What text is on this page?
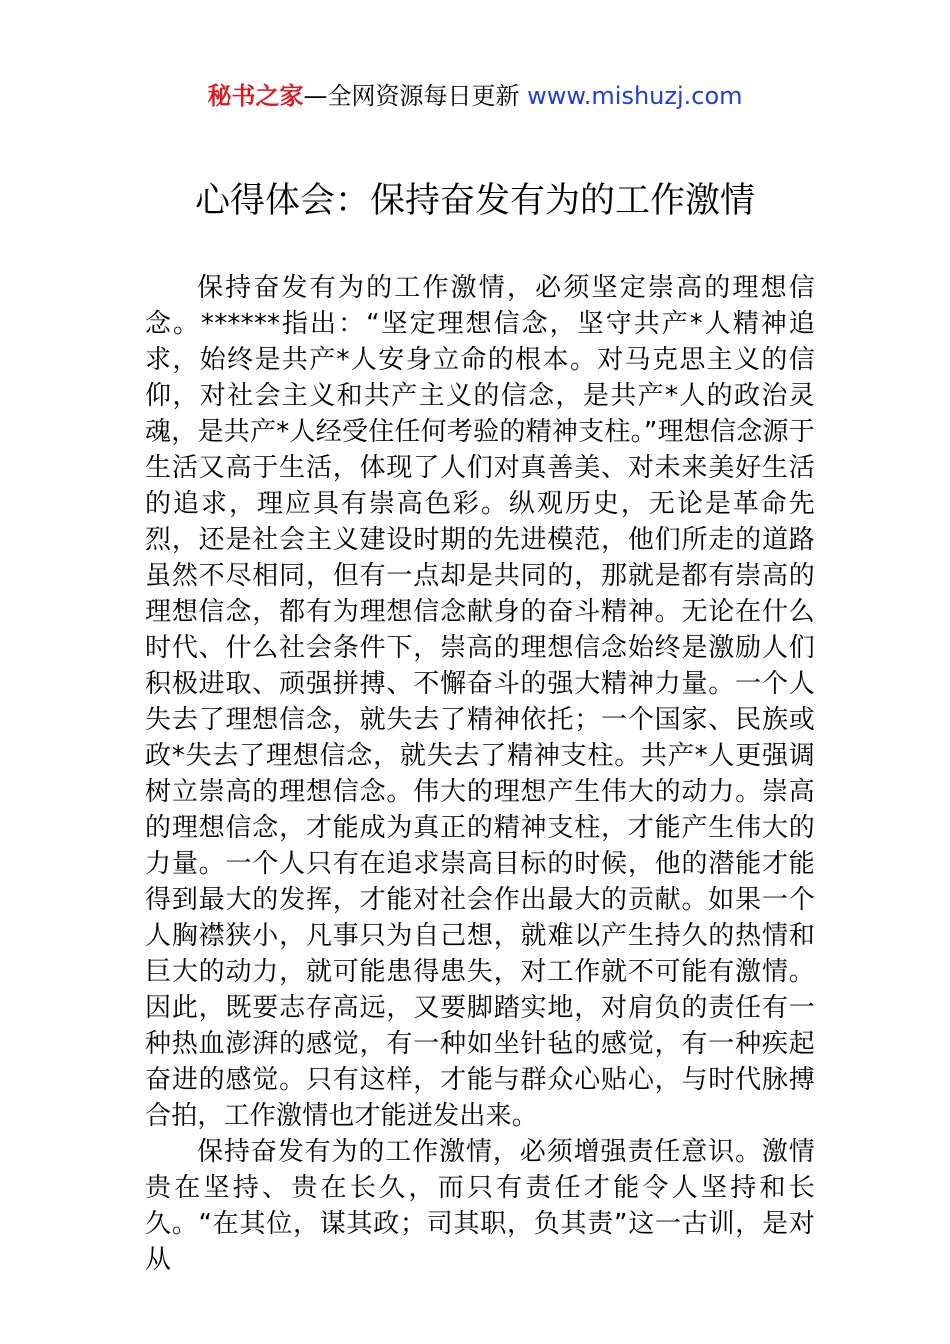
秘书之家—全网资源每日更新 www.mishuzj.com
心得体会：保持奋发有为的工作激情

保持奋发有为的工作激情，必须坚定崇高的理想信念。******指出：“坚定理想信念，坚守共产*人精神追求，始终是共产*人安身立命的根本。对马克思主义的信仰，对社会主义和共产主义的信念，是共产*人的政治灵魂，是共产*人经受住任何考验的精神支柱。”理想信念源于生活又高于生活，体现了人们对真善美、对未来美好生活的追求，理应具有崇高色彩。纵观历史，无论是革命先烈，还是社会主义建设时期的先进模范，他们所走的道路虽然不尽相同，但有一点却是共同的，那就是都有崇高的理想信念，都有为理想信念献身的奋斗精神。无论在什么时代、什么社会条件下，崇高的理想信念始终是激励人们积极进取、顽强拼搏、不懈奋斗的强大精神力量。一个人失去了理想信念，就失去了精神依托；一个国家、民族或政*失去了理想信念，就失去了精神支柱。共产*人更强调树立崇高的理想信念。伟大的理想产生伟大的动力。崇高的理想信念，才能成为真正的精神支柱，才能产生伟大的力量。一个人只有在追求崇高目标的时候，他的潜能才能得到最大的发挥，才能对社会作出最大的贡献。如果一个人胸襟狭小，凡事只为自己想，就难以产生持久的热情和巨大的动力，就可能患得患失，对工作就不可能有激情。因此，既要志存高远，又要脚踏实地，对肩负的责任有一种热血澎湃的感觉，有一种如坐针毡的感觉，有一种疾起奋进的感觉。只有这样，才能与群众心贴心，与时代脉搏合拍，工作激情也才能迸发出来。

保持奋发有为的工作激情，必须增强责任意识。激情贵在坚持、贵在长久，而只有责任才能令人坚持和长久。“在其位，谋其政；司其职，负其责”这一古训，是对从
